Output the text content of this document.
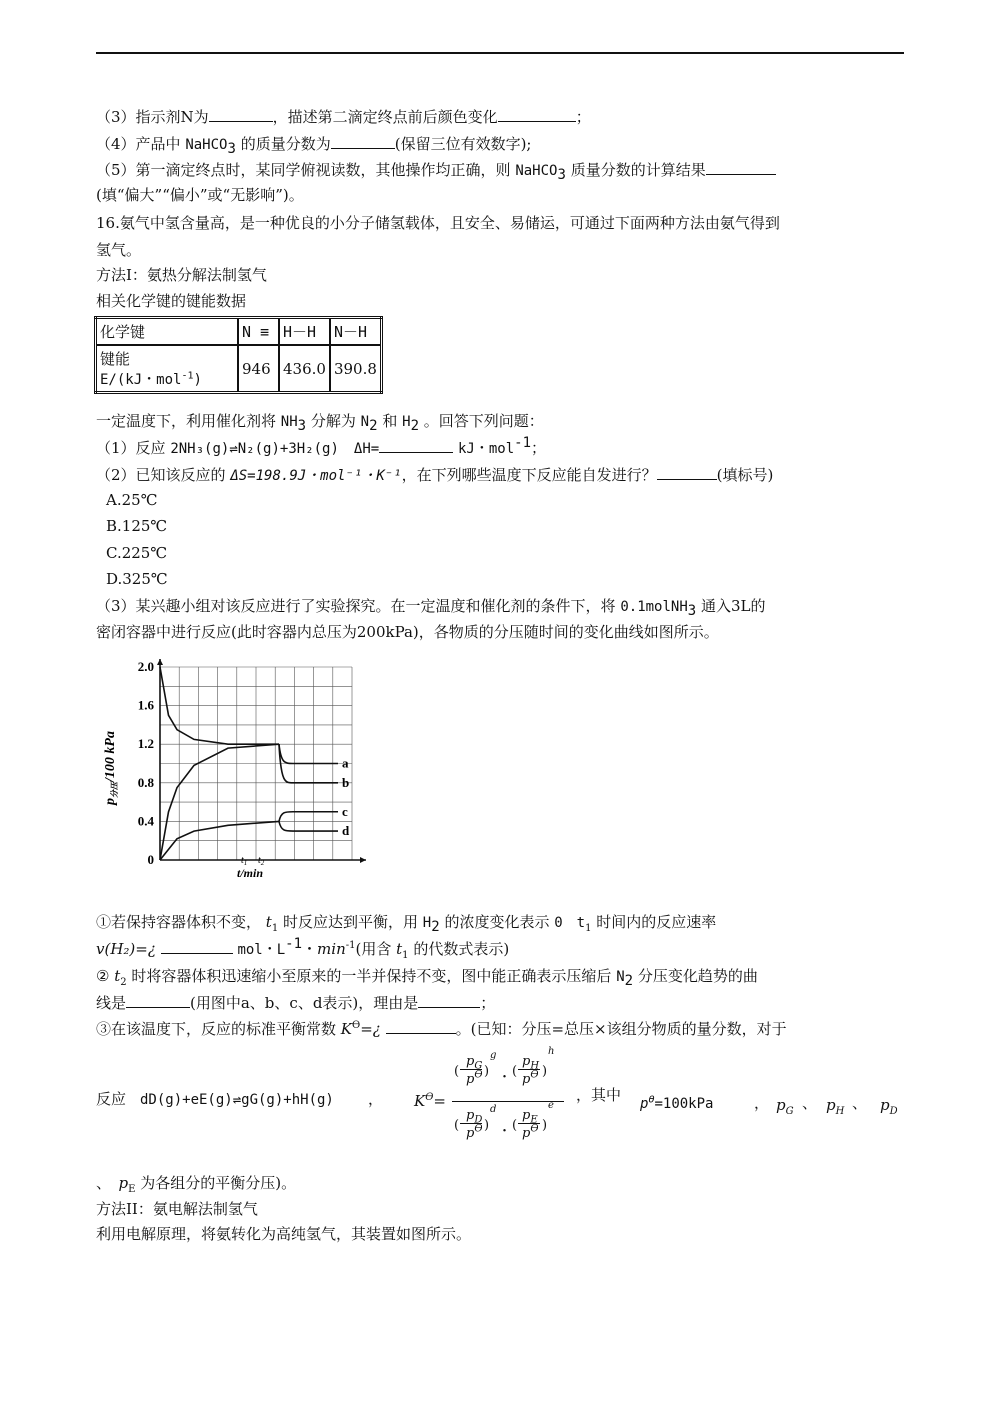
（3）指示剂N为	，描述第二滴定终点前后颜色变化	；
（4）产品中 NaHCO$_3$ 的质量分数为	(保留三位有效数字);
（5）第一滴定终点时，某同学俯视读数，其他操作均正确，则 NaHCO$_3$ 质量分数的计算结果
(填“偏大”“偏小”或“无影响”)。
16.氨气中氢含量高，是一种优良的小分子储氢载体，且安全、易储运，可通过下面两种方法由氨气得到
氢气。
方法I：氨热分解法制氢气
相关化学键的键能数据
化学键	N ≡	H－H	N－H

键能
E/(kJ・mol$^{-1}$)	946	436.0	390.8
一定温度下，利用催化剂将 $NH_3$ 分解为 $N_2$ 和 $H_2$ 。回答下列问题：
（1）反应 2NH₃(g)⇌N₂(g)+3H₂(g)　 ΔH=	kJ・mol$^{-1}$；
（2）已知该反应的 ΔS=198.9J・mol⁻¹・K⁻¹，在下列哪些温度下反应能自发进行？	(填标号)
A.25℃
B.125℃
C.225℃
D.325℃
（3）某兴趣小组对该反应进行了实验探究。在一定温度和催化剂的条件下，将 0.1molNH$_3$ 通入3L的
密闭容器中进行反应(此时容器内总压为200kPa)，各物质的分压随时间的变化曲线如图所示。
0
0.4
0.8
1.2
1.6
2.0
$p_{分压}/100$ kPa
t/min
$t_1$ $t_2$
a
b
c
d
①若保持容器体积不变， $t_1$ 时反应达到平衡，用 $H_2$ 的浓度变化表示 0　$t_1$ 时间内的反应速率
v(H₂)=¿	mol・$L^{-1}$・$\min^{-1}$(用含 $t_1$ 的代数式表示)
② $t_2$ 时将容器体积迅速缩小至原来的一半并保持不变，图中能正确表示压缩后 $N_2$ 分压变化趋势的曲
线是	(用图中a、b、c、d表示)，理由是	；
③在该温度下，反应的标准平衡常数 $K^ϴ=¿$	。(已知：分压=总压×该组分物质的量分数，对于
反应 dD(g)+eE(g)⇌gG(g)+hH(g) ， $K^ϴ=$
(
$p_G$
$p^ϴ$ )
g
・ (
$p_H$
$p^ϴ$ )
h
(
$p_D$
$p^ϴ$ )
d
・ (
$p_E$
$p^ϴ$ )
e
，其中 $p^ϴ=100kPa$	， $p_G$ 、 $p_H$ 、 $p_D$
、　 $p_E$ 为各组分的平衡分压)。
方法II：氨电解法制氢气
利用电解原理，将氨转化为高纯氢气，其装置如图所示。
